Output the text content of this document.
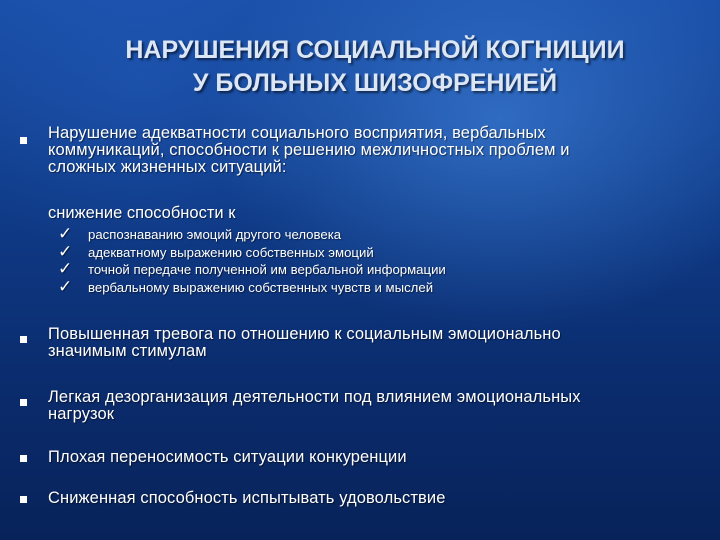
НАРУШЕНИЯ СОЦИАЛЬНОЙ КОГНИЦИИ
У БОЛЬНЫХ ШИЗОФРЕНИЕЙ
Нарушение адекватности социального восприятия, вербальных
коммуникаций, способности к решению межличностных проблем и
сложных жизненных ситуаций:
снижение способности к
✓	распознаванию эмоций другого человека
✓	адекватному выражению собственных эмоций
✓	точной передаче полученной им вербальной информации
✓	вербальному выражению собственных чувств и мыслей
Повышенная тревога по отношению к социальным эмоционально
значимым стимулам
Легкая дезорганизация деятельности под влиянием эмоциональных
нагрузок
Плохая переносимость ситуации конкуренции
Сниженная способность испытывать удовольствие
